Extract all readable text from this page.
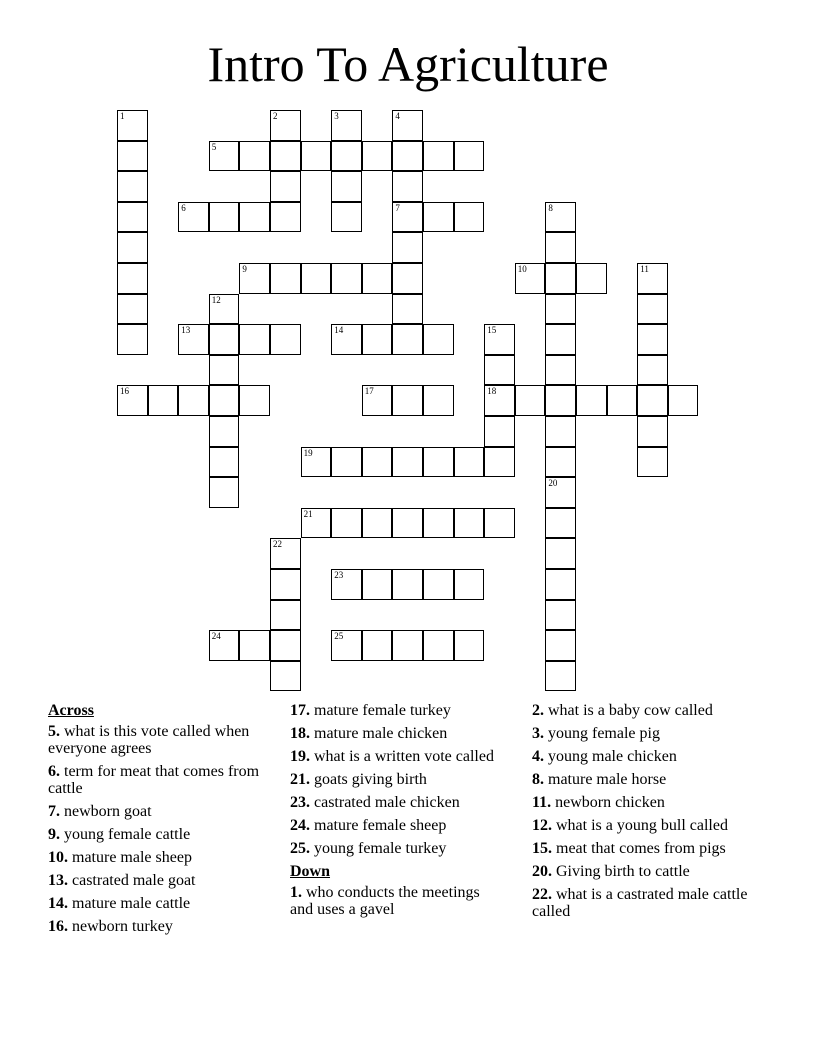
Intro To Agriculture
1	2	3	4
7
5
6	8
9	10	11
12
13	14	15
18
16	17
19
20
21
22
23
24	25
Across
5. what is this vote called when everyone agrees
6. term for meat that comes from cattle
7. newborn goat
9. young female cattle
10. mature male sheep
13. castrated male goat
14. mature male cattle
16. newborn turkey
17. mature female turkey
18. mature male chicken
19. what is a written vote called
21. goats giving birth
23. castrated male chicken
24. mature female sheep
25. young female turkey
Down
1. who conducts the meetings and uses a gavel
2. what is a baby cow called
3. young female pig
4. young male chicken
8. mature male horse
11. newborn chicken
12. what is a young bull called
15. meat that comes from pigs
20. Giving birth to cattle
22. what is a castrated male cattle called
